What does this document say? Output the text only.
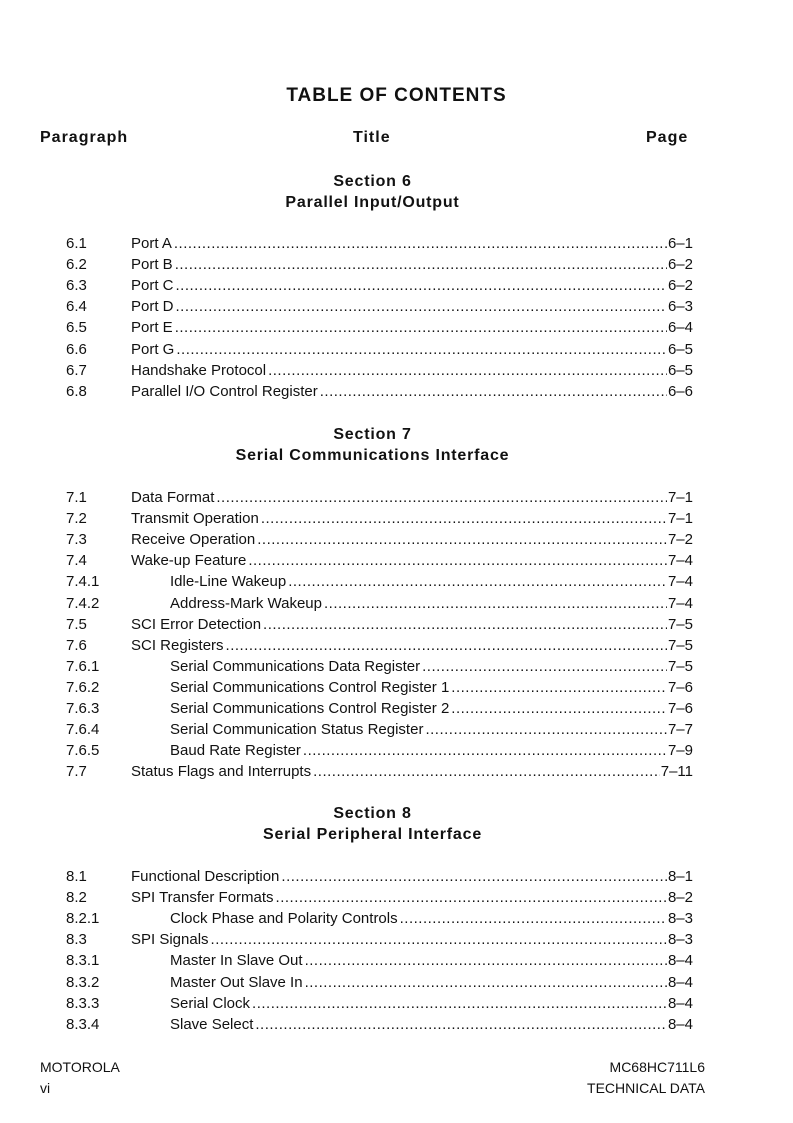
TABLE OF CONTENTS
Paragraph	Title	Page
Section 6
Parallel Input/Output
6.1	Port A .....	6–1
6.2	Port B .....	6–2
6.3	Port C .....	6–2
6.4	Port D .....	6–3
6.5	Port E .....	6–4
6.6	Port G .....	6–5
6.7	Handshake Protocol .....	6–5
6.8	Parallel I/O Control Register .....	6–6
Section 7
Serial Communications Interface
7.1	Data Format .....	7–1
7.2	Transmit Operation .....	7–1
7.3	Receive Operation .....	7–2
7.4	Wake-up Feature .....	7–4
7.4.1	Idle-Line Wakeup .....	7–4
7.4.2	Address-Mark Wakeup .....	7–4
7.5	SCI Error Detection .....	7–5
7.6	SCI Registers .....	7–5
7.6.1	Serial Communications Data Register .....	7–5
7.6.2	Serial Communications Control Register 1 .....	7–6
7.6.3	Serial Communications Control Register 2 .....	7–6
7.6.4	Serial Communication Status Register .....	7–7
7.6.5	Baud Rate Register .....	7–9
7.7	Status Flags and Interrupts .....	7–11
Section 8
Serial Peripheral Interface
8.1	Functional Description .....	8–1
8.2	SPI Transfer Formats .....	8–2
8.2.1	Clock Phase and Polarity Controls .....	8–3
8.3	SPI Signals .....	8–3
8.3.1	Master In Slave Out .....	8–4
8.3.2	Master Out Slave In .....	8–4
8.3.3	Serial Clock .....	8–4
8.3.4	Slave Select .....	8–4
MOTOROLA
vi
MC68HC711L6
TECHNICAL DATA
